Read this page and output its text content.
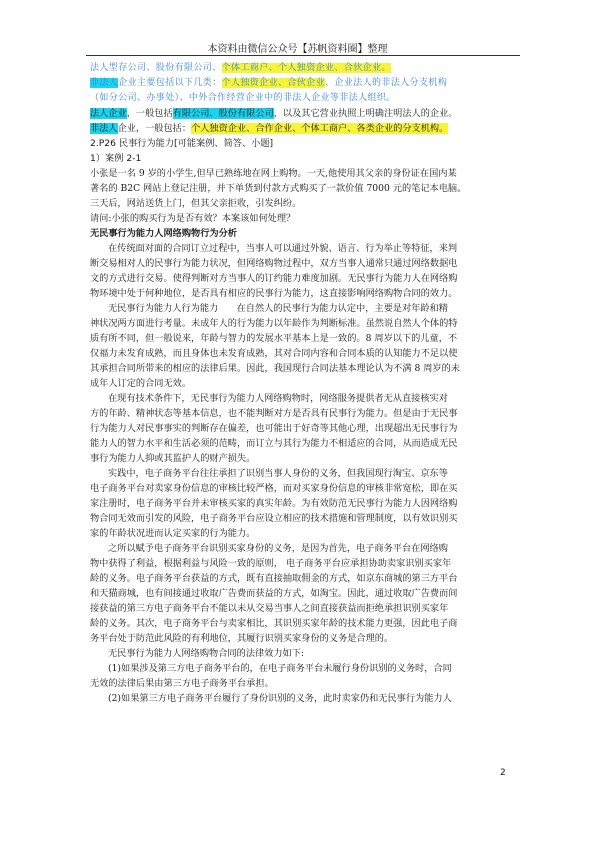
本资料由微信公众号【苏帆资料圈】整理
法人型存公司、股份有限公司、个体工商户、个人独资企业、合伙企业。
非法人企业主要包括以下几类：个人独资企业、合伙企业、企业法人的非法人分支机构
（如分公司、办事处）、中外合作经营企业中的非法人企业等非法人组织。
法人企业，一般包括有限公司、股份有限公司，以及其它营业执照上明确注明法人的企业。
非法人企业，一般包括：个人独资企业、合作企业、个体工商户、各类企业的分支机构。
2.P26 民事行为能力[可能案例、简答、小题]
1）案例 2-1
小张是一名 9 岁的小学生,但早已熟练地在网上购物。一天,他使用其父亲的身份证在国内某
著名的 B2C 网站上登记注册，并下单货到付款方式购买了一款价值 7000 元的笔记本电脑。
三天后，网站送货上门，但其父亲拒收，引发纠纷。
请问:小张的购买行为是否有效？本案该如何处理？
无民事行为能力人网络购物行为分析
在传统面对面的合同订立过程中，当事人可以通过外貌、语言、行为举止等特征，来判
断交易相对人的民事行为能力状况，但网络购物过程中，双方当事人通常只通过网络数据电
文的方式进行交易。使得判断对方当事人的订约能力难度加剧。无民事行为能力人在网络购
物环境中处于何种地位，是否具有相应的民事行为能力，这直接影响网络购物合同的效力。
无民事行为能力人行为能力　　在自然人的民事行为能力认定中，主要是对年龄和精
神状况两方面进行考量。未成年人的行为能力以年龄作为判断标准。虽然说自然人个体的特
质有所不同，但一般说来，年龄与智力的发展水平基本上是一致的。8 周岁以下的儿童，不
仅福力未发育成熟，而且身体也未发育成熟，其对合同内容和合同本质的认知能力不足以使
其承担合同所带来的相应的法律后果。因此，我国现行合同法基本理论认为不满 8 周岁的未
成年人订定的合同无效。
在现有技术条件下，无民事行为能力人网络购物时，网络服务提供者无从直接核实对
方的年龄、精神状态等基本信息，也不能判断对方是否具有民事行为能力。但是由于无民事
行为能力人对民事事实的判断存在偏差，也可能出于好奇等其他心理，出现超出无民事行为
能力人的智力水平和生活必须的范畴，而订立与其行为能力不相适应的合同，从而造成无民
事行为能力人抑或其监护人的财产损失。
实践中，电子商务平台往往承担了识别当事人身份的义务，但我国现行淘宝、京东等
电子商务平台对卖家身份信息的审核比较严格，而对买家身份信息的审核非常宽松，即在买
家注册时，电子商务平台并未审核买家的真实年龄。为有效防范无民事行为能力人因网络购
物合同无效而引发的风险，电子商务平台应设立相应的技术措施和管理制度，以有效识别买
家的年龄状况进而认定买家的行为能力。
之所以赋予电子商务平台识别买家身份的义务，是因为首先，电子商务平台在网络购
物中获得了利益，根据利益与风险一致的原则， 电子商务平台应承担协助卖家识别买家年
龄的义务。电子商务平台获益的方式，既有直接抽取佣金的方式，如京东商城的第三方平台
和天猫商城，也有间接通过收取广告费而获益的方式，如淘宝。因此，通过收取广告费而间
接获益的第三方电子商务平台不能以未从交易当事人之间直接获益而拒绝承担识别买家年
龄的义务。其次，电子商务平台与卖家相比，其识别买家年龄的技术能力更强，因此电子商
务平台处于防范此风险的有利地位，其履行识别买家身份的义务是合理的。
无民事行为能力人网络购物合同的法律效力如下:
(1)如果涉及第三方电子商务平台的，在电子商务平台未履行身份识别的义务时，合同
无效的法律后果由第三方电子商务平台承担。
(2)如果第三方电子商务平台履行了身份识别的义务，此时卖家仍和无民事行为能力人
2
